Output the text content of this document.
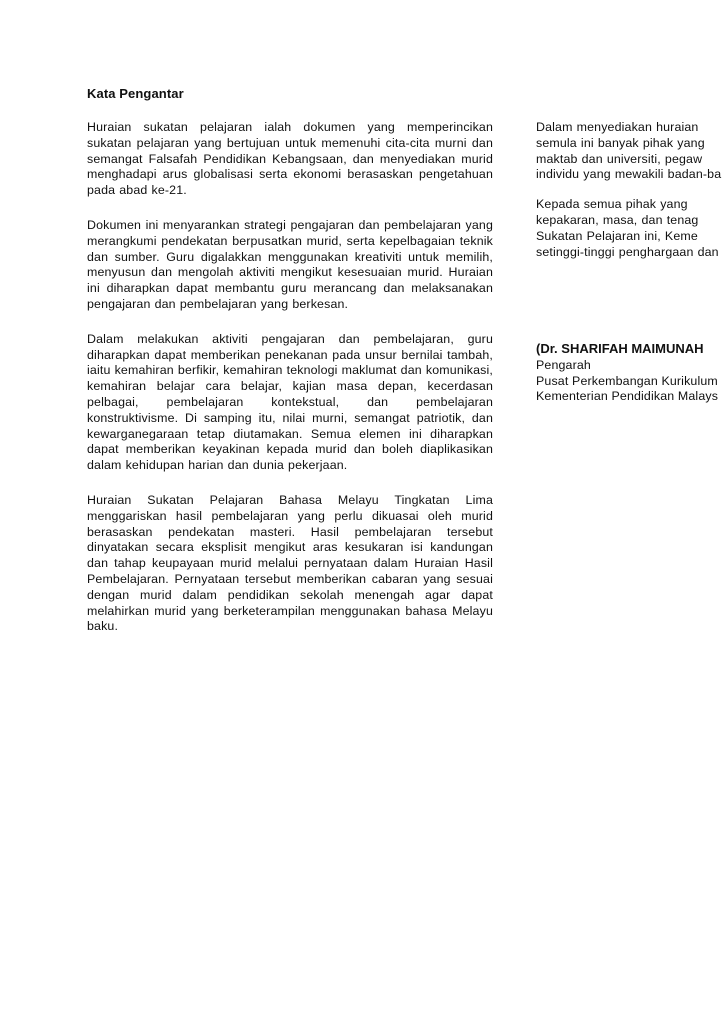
Kata Pengantar

Huraian sukatan pelajaran ialah dokumen yang memperincikan sukatan pelajaran yang bertujuan untuk memenuhi cita-cita murni dan semangat Falsafah Pendidikan Kebangsaan, dan menyediakan murid menghadapi arus globalisasi serta ekonomi berasaskan pengetahuan pada abad ke-21.

Dokumen ini menyarankan strategi pengajaran dan pembelajaran yang merangkumi pendekatan berpusatkan murid, serta kepelbagaian teknik dan sumber. Guru digalakkan menggunakan kreativiti untuk memilih, menyusun dan mengolah aktiviti mengikut kesesuaian murid. Huraian ini diharapkan dapat membantu guru merancang dan melaksanakan pengajaran dan pembelajaran yang berkesan.

Dalam melakukan aktiviti pengajaran dan pembelajaran, guru diharapkan dapat memberikan penekanan pada unsur bernilai tambah, iaitu kemahiran berfikir, kemahiran teknologi maklumat dan komunikasi, kemahiran belajar cara belajar, kajian masa depan, kecerdasan pelbagai, pembelajaran kontekstual, dan pembelajaran konstruktivisme. Di samping itu, nilai murni, semangat patriotik, dan kewarganegaraan tetap diutamakan. Semua elemen ini diharapkan dapat memberikan keyakinan kepada murid dan boleh diaplikasikan dalam kehidupan harian dan dunia pekerjaan.

Huraian Sukatan Pelajaran Bahasa Melayu Tingkatan Lima menggariskan hasil pembelajaran yang perlu dikuasai oleh murid berasaskan pendekatan masteri. Hasil pembelajaran tersebut dinyatakan secara eksplisit mengikut aras kesukaran isi kandungan dan tahap keupayaan murid melalui pernyataan dalam Huraian Hasil Pembelajaran. Pernyataan tersebut memberikan cabaran yang sesuai dengan murid dalam pendidikan sekolah menengah agar dapat melahirkan murid yang berketerampilan menggunakan bahasa Melayu baku.

Dalam menyediakan huraian
semula ini banyak pihak yang
maktab dan universiti, pegaw
individu yang mewakili badan-ba

Kepada semua pihak yang
kepakaran, masa, dan tenag
Sukatan Pelajaran ini, Keme
setinggi-tinggi penghargaan dan

(Dr. SHARIFAH MAIMUNAH
Pengarah
Pusat Perkembangan Kurikulum
Kementerian Pendidikan Malays
